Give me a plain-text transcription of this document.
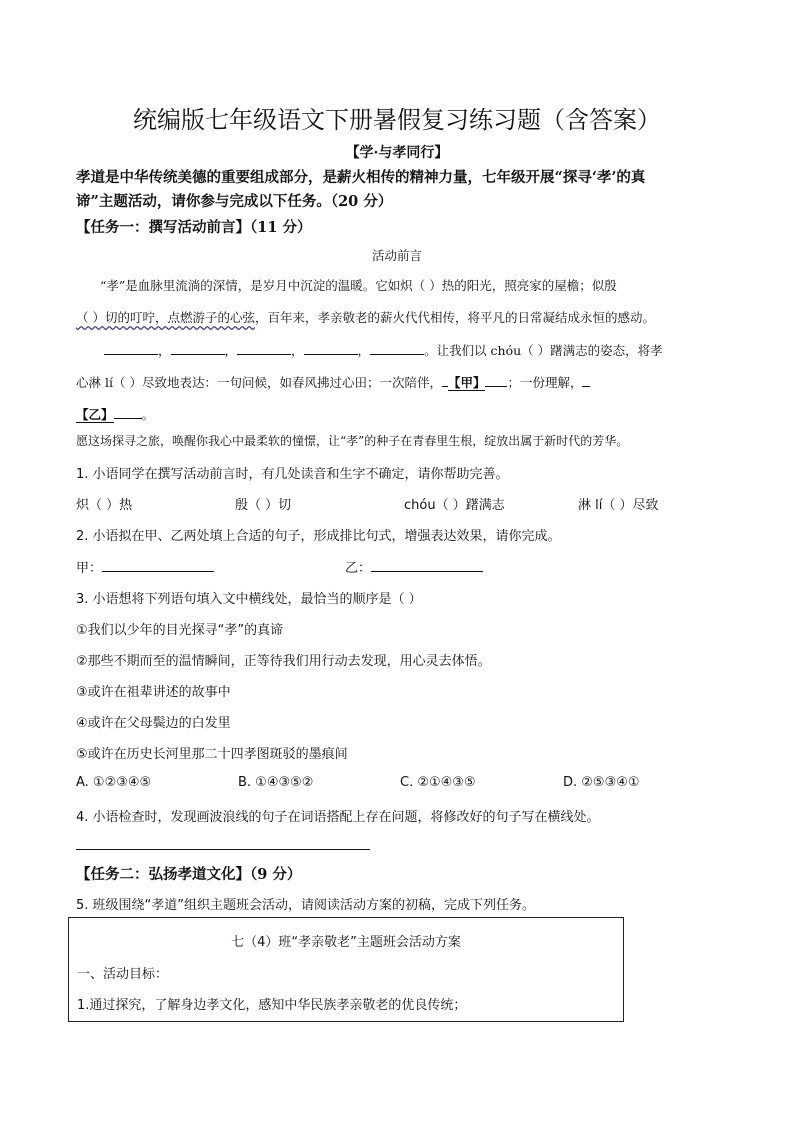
统编版七年级语文下册暑假复习练习题（含答案）
【学·与孝同行】
孝道是中华传统美德的重要组成部分，是薪火相传的精神力量，七年级开展“探寻‘孝’的真
谛”主题活动，请你参与完成以下任务。（20 分）
【任务一：撰写活动前言】（11 分）
活动前言
“孝”是血脉里流淌的深情，是岁月中沉淀的温暖。它如炽（ ）热的阳光，照亮家的屋檐；似殷
（ ）切的叮咛，点燃游子的心弦，百年来，孝亲敬老的薪火代代相传，将平凡的日常凝结成永恒的感动。
，	，	，	，	。让我们以 chóu（ ）躇满志的姿态，将孝
心淋 lí（ ）尽致地表达：一句问候，如春风拂过心田；一次陪伴， 【甲】 ；一份理解，
【乙】 。
愿这场探寻之旅，唤醒你我心中最柔软的憧憬，让“孝”的种子在青春里生根，绽放出属于新时代的芳华。
1. 小语同学在撰写活动前言时，有几处读音和生字不确定，请你帮助完善。
炽（ ）热	殷（ ）切	chóu（ ）躇满志	淋 lí（ ）尽致
2. 小语拟在甲、乙两处填上合适的句子，形成排比句式，增强表达效果，请你完成。
甲：	乙：
3. 小语想将下列语句填入文中横线处，最恰当的顺序是（ ）
①我们以少年的目光探寻“孝”的真谛
②那些不期而至的温情瞬间，正等待我们用行动去发现，用心灵去体悟。
③或许在祖辈讲述的故事中
④或许在父母鬓边的白发里
⑤或许在历史长河里那二十四孝图斑驳的墨痕间
A. ①②③④⑤	B. ①④③⑤②	C. ②①④③⑤	D. ②⑤③④①
4. 小语检查时，发现画波浪线的句子在词语搭配上存在问题，将修改好的句子写在横线处。
【任务二：弘扬孝道文化】（9 分）
5. 班级围绕“孝道”组织主题班会活动，请阅读活动方案的初稿，完成下列任务。
七（4）班“孝亲敬老”主题班会活动方案
一、活动目标：
1.通过探究，了解身边孝文化，感知中华民族孝亲敬老的优良传统；
